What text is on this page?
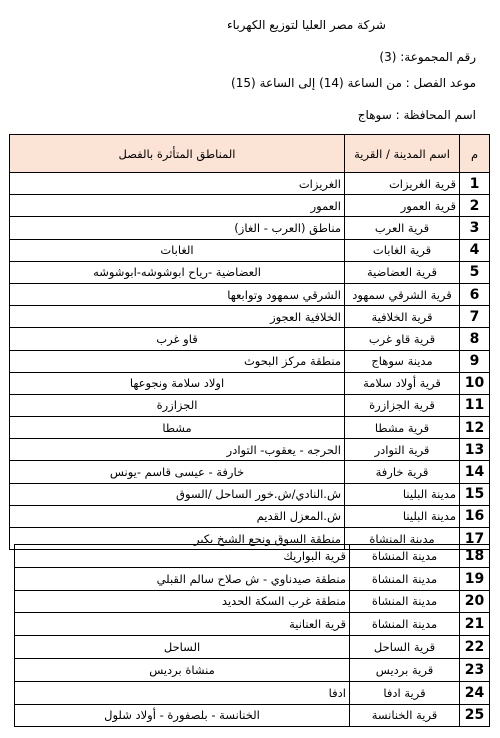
شركة مصر العليا لتوزيع الكهرباء
رقم المجموعة: (3)
موعد الفصل : من الساعة (14) إلى الساعة (15)
اسم المحافظة : سوهاج
م	اسم المدينة / القرية	المناطق المتأثرة بالفصل
1	قرية الغريزات	الغريزات
2	قرية العمور	العمور
3	قرية العرب	مناطق (العرب - الغاز)
4	قرية الغابات	الغابات
5	قرية العضاضية	العضاضية -رياح ابوشوشه-ابوشوشه
6	قرية الشرقي سمهود	الشرقي سمهود وتوابعها
7	قرية الخلافية	الخلافية العجوز
8	قرية قاو غرب	قاو غرب
9	مدينة سوهاج	منطقة مركز البحوث
10	قرية أولاد سلامة	اولاد سلامة ونجوعها
11	قرية الجزازرة	الجزازرة
12	قرية مشطا	مشطا
13	قرية التوادر	الحرجه - يعقوب- التوادر
14	قرية خارفة	خارفة - عيسى قاسم -يونس
15	مدينة البلينا	ش.النادي/ش.خور الساحل /السوق
16	مدينة البلينا	ش.المعزل القديم
17	مدينة المنشاة	منطقة السوق ونجع الشيخ بكير
18	مدينة المنشاة	قرية البواريك
19	مدينة المنشاة	منطقة صيدناوي - ش صلاح سالم القبلي
20	مدينة المنشاة	منطقة غرب السكة الحديد
21	مدينة المنشاة	قرية العنانية
22	قرية الساحل	الساحل
23	قرية برديس	منشاة برديس
24	قرية ادفا	ادفا
25	قرية الخنانسة	الخنانسة - بلصفورة - أولاد شلول
